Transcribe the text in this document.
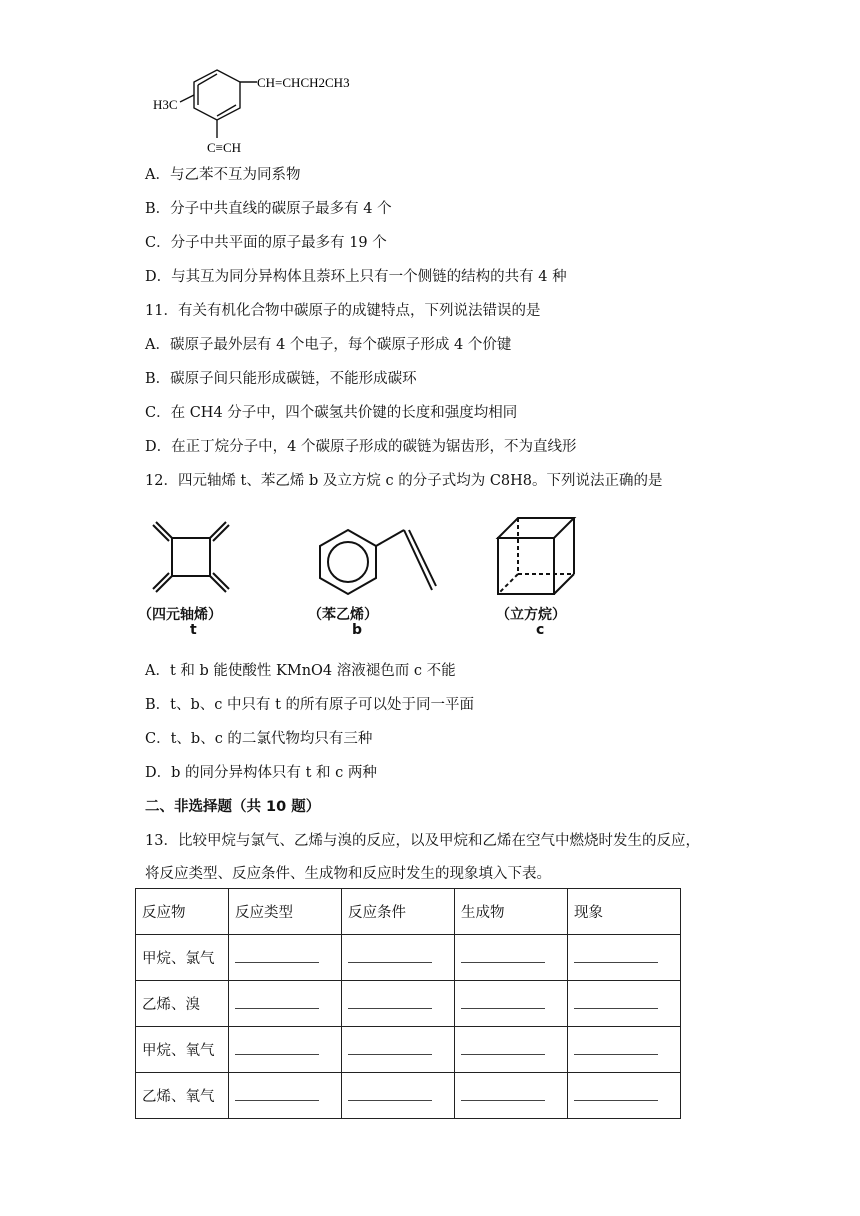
H3C
CH=CHCH2CH3
C≡CH
A．与乙苯不互为同系物
B．分子中共直线的碳原子最多有 4 个
C．分子中共平面的原子最多有 19 个
D．与其互为同分异构体且萘环上只有一个侧链的结构的共有 4 种
11．有关有机化合物中碳原子的成键特点，下列说法错误的是
A．碳原子最外层有 4 个电子，每个碳原子形成 4 个价键
B．碳原子间只能形成碳链，不能形成碳环
C．在 CH4 分子中，四个碳氢共价键的长度和强度均相同
D．在正丁烷分子中，4 个碳原子形成的碳链为锯齿形，不为直线形
12．四元轴烯 t、苯乙烯 b 及立方烷 c 的分子式均为 C8H8。下列说法正确的是
（四元轴烯）
t
（苯乙烯）
b
（立方烷）
c
A．t 和 b 能使酸性 KMnO4 溶液褪色而 c 不能
B．t、b、c 中只有 t 的所有原子可以处于同一平面
C．t、b、c 的二氯代物均只有三种
D．b 的同分异构体只有 t 和 c 两种
二、非选择题（共 10 题）
13．比较甲烷与氯气、乙烯与溴的反应，以及甲烷和乙烯在空气中燃烧时发生的反应，
将反应类型、反应条件、生成物和反应时发生的现象填入下表。
反应物	反应类型	反应条件	生成物	现象
甲烷、氯气				
乙烯、溴				
甲烷、氧气				
乙烯、氧气				
